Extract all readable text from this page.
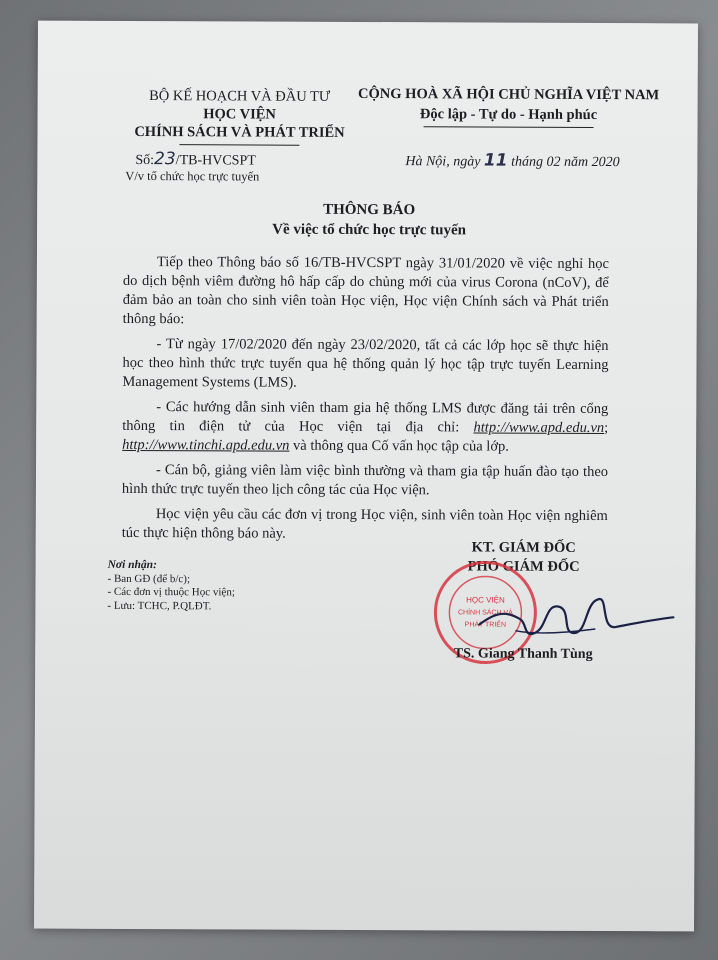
BỘ KẾ HOẠCH VÀ ĐẦU TƯ
HỌC VIỆN
CHÍNH SÁCH VÀ PHÁT TRIỂN
CỘNG HOÀ XÃ HỘI CHỦ NGHĨA VIỆT NAM
Độc lập - Tự do - Hạnh phúc
Số:23/TB-HVCSPT
V/v tổ chức học trực tuyến
Hà Nội, ngày 11 tháng 02 năm 2020
THÔNG BÁO
Về việc tổ chức học trực tuyến

Tiếp theo Thông báo số 16/TB-HVCSPT ngày 31/01/2020 về việc nghỉ học do dịch bệnh viêm đường hô hấp cấp do chủng mới của virus Corona (nCoV), để đảm bảo an toàn cho sinh viên toàn Học viện, Học viện Chính sách và Phát triển thông báo:

- Từ ngày 17/02/2020 đến ngày 23/02/2020, tất cả các lớp học sẽ thực hiện học theo hình thức trực tuyến qua hệ thống quản lý học tập trực tuyến Learning Management Systems (LMS).

- Các hướng dẫn sinh viên tham gia hệ thống LMS được đăng tải trên cổng thông tin điện tử của Học viện tại địa chỉ: http://www.apd.edu.vn; http://www.tinchi.apd.edu.vn và thông qua Cố vấn học tập của lớp.

- Cán bộ, giảng viên làm việc bình thường và tham gia tập huấn đào tạo theo hình thức trực tuyến theo lịch công tác của Học viện.

Học viện yêu cầu các đơn vị trong Học viện, sinh viên toàn Học viện nghiêm túc thực hiện thông báo này.

Nơi nhận:
- Ban GĐ (để b/c);
- Các đơn vị thuộc Học viện;
- Lưu: TCHC, P.QLĐT.
KT. GIÁM ĐỐC
PHÓ GIÁM ĐỐC
HỌC VIỆN
CHÍNH SÁCH VÀ
PHÁT TRIỂN
TS. Giang Thanh Tùng
